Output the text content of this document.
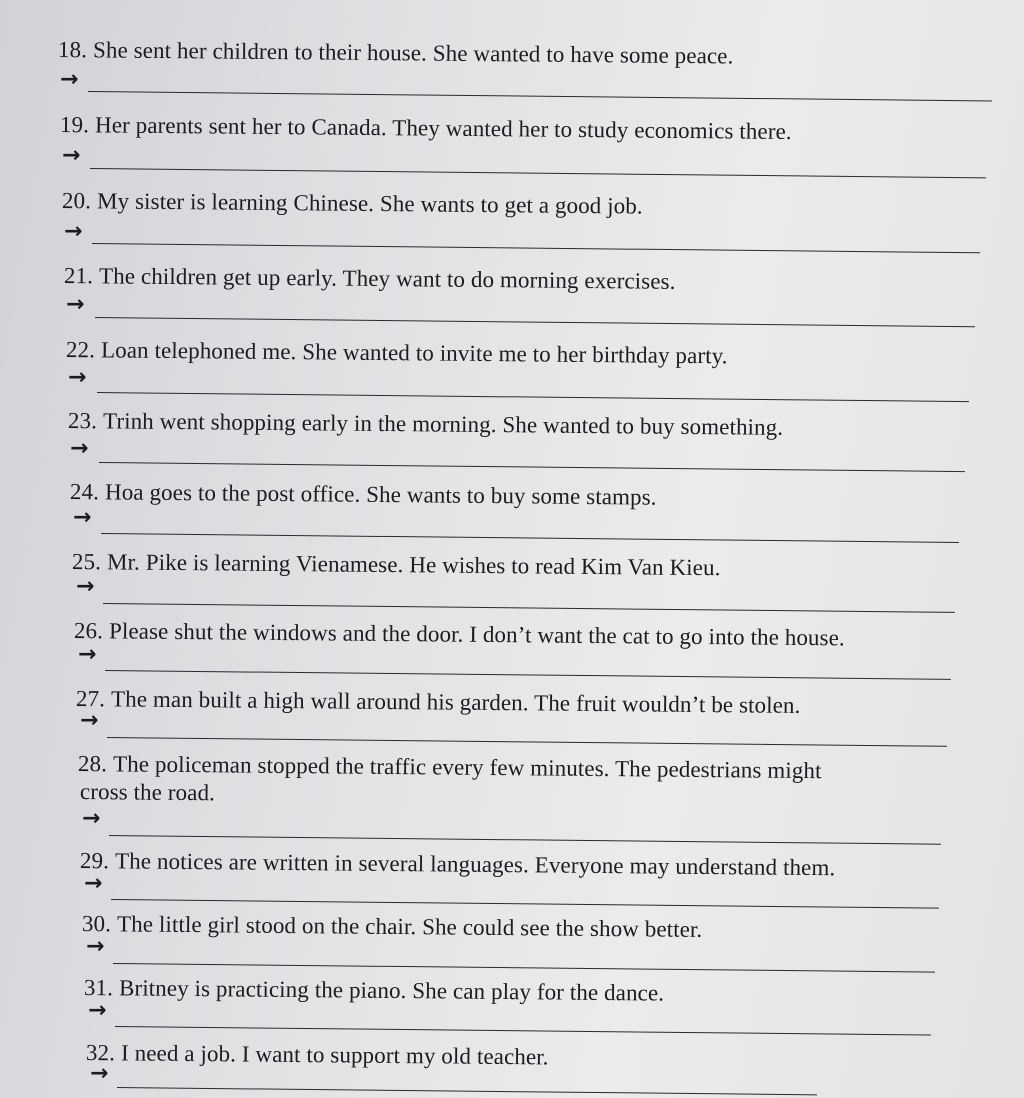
18. She sent her children to their house. She wanted to have some peace.
→
19. Her parents sent her to Canada. They wanted her to study economics there.
→
20. My sister is learning Chinese. She wants to get a good job.
→
21. The children get up early. They want to do morning exercises.
→
22. Loan telephoned me. She wanted to invite me to her birthday party.
→
23. Trinh went shopping early in the morning. She wanted to buy something.
→
24. Hoa goes to the post office. She wants to buy some stamps.
→
25. Mr. Pike is learning Vienamese. He wishes to read Kim Van Kieu.
→
26. Please shut the windows and the door. I don’t want the cat to go into the house.
→
27. The man built a high wall around his garden. The fruit wouldn’t be stolen.
→
28. The policeman stopped the traffic every few minutes. The pedestrians might
cross the road.
→
29. The notices are written in several languages. Everyone may understand them.
→
30. The little girl stood on the chair. She could see the show better.
→
31. Britney is practicing the piano. She can play for the dance.
→
32. I need a job. I want to support my old teacher.
→
